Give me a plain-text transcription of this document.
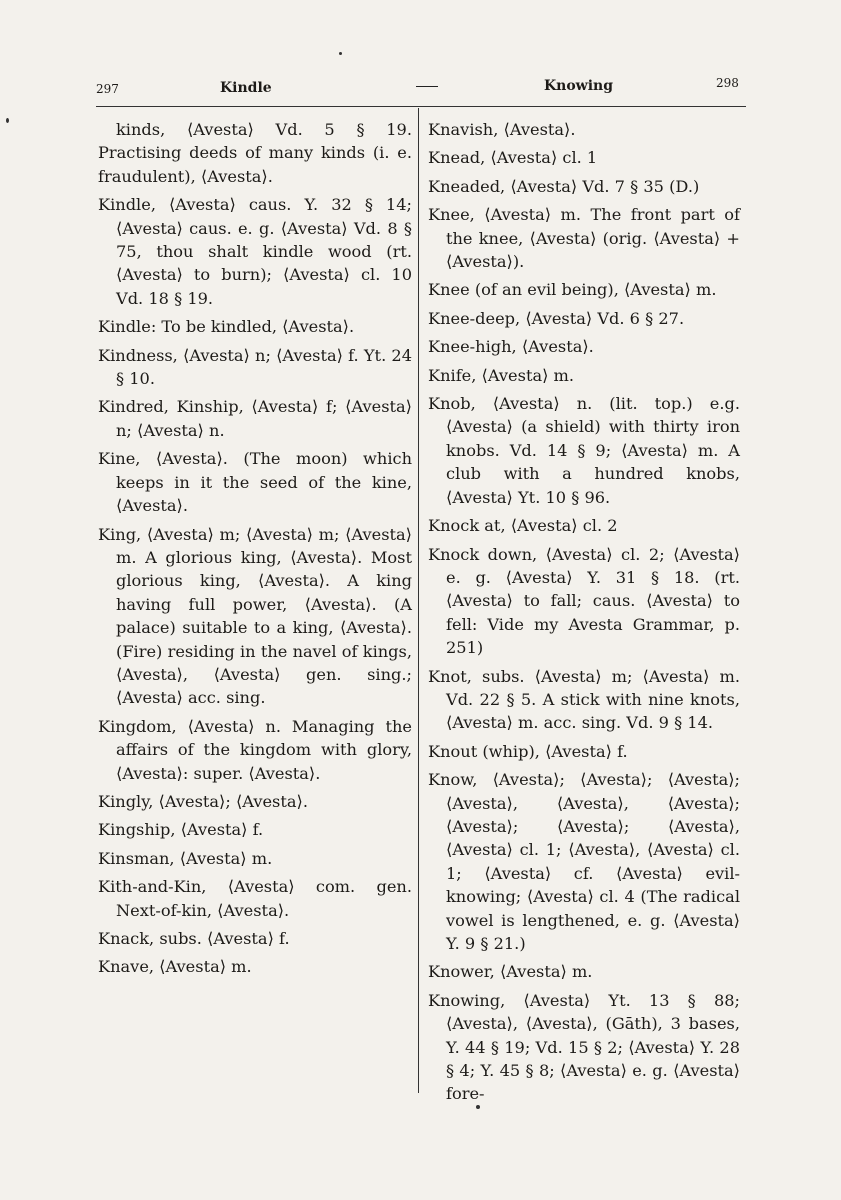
297	Kindle	Knowing	298
kinds, ⟨Avesta⟩ Vd. 5 § 19. Practising deeds of many kinds (i. e. fraudulent), ⟨Avesta⟩.
Kindle, ⟨Avesta⟩ caus. Y. 32 § 14; ⟨Avesta⟩ caus. e. g. ⟨Avesta⟩ Vd. 8 § 75, thou shalt kindle wood (rt. ⟨Avesta⟩ to burn); ⟨Avesta⟩ cl. 10 Vd. 18 § 19.
Kindle: To be kindled, ⟨Avesta⟩.
Kindness, ⟨Avesta⟩ n; ⟨Avesta⟩ f. Yt. 24 § 10.
Kindred, Kinship, ⟨Avesta⟩ f; ⟨Avesta⟩ n; ⟨Avesta⟩ n.
Kine, ⟨Avesta⟩. (The moon) which keeps in it the seed of the kine, ⟨Avesta⟩.
King, ⟨Avesta⟩ m; ⟨Avesta⟩ m; ⟨Avesta⟩ m. A glorious king, ⟨Avesta⟩. Most glorious king, ⟨Avesta⟩. A king having full power, ⟨Avesta⟩. (A palace) suitable to a king, ⟨Avesta⟩. (Fire) residing in the navel of kings, ⟨Avesta⟩, ⟨Avesta⟩ gen. sing.; ⟨Avesta⟩ acc. sing.
Kingdom, ⟨Avesta⟩ n. Managing the affairs of the kingdom with glory, ⟨Avesta⟩: super. ⟨Avesta⟩.
Kingly, ⟨Avesta⟩; ⟨Avesta⟩.
Kingship, ⟨Avesta⟩ f.
Kinsman, ⟨Avesta⟩ m.
Kith-and-Kin, ⟨Avesta⟩ com. gen. Next-of-kin, ⟨Avesta⟩.
Knack, subs. ⟨Avesta⟩ f.
Knave, ⟨Avesta⟩ m.
Knavish, ⟨Avesta⟩.
Knead, ⟨Avesta⟩ cl. 1
Kneaded, ⟨Avesta⟩ Vd. 7 § 35 (D.)
Knee, ⟨Avesta⟩ m. The front part of the knee, ⟨Avesta⟩ (orig. ⟨Avesta⟩ + ⟨Avesta⟩).
Knee (of an evil being), ⟨Avesta⟩ m.
Knee-deep, ⟨Avesta⟩ Vd. 6 § 27.
Knee-high, ⟨Avesta⟩.
Knife, ⟨Avesta⟩ m.
Knob, ⟨Avesta⟩ n. (lit. top.) e.g. ⟨Avesta⟩ (a shield) with thirty iron knobs. Vd. 14 § 9; ⟨Avesta⟩ m. A club with a hundred knobs, ⟨Avesta⟩ Yt. 10 § 96.
Knock at, ⟨Avesta⟩ cl. 2
Knock down, ⟨Avesta⟩ cl. 2; ⟨Avesta⟩ e. g. ⟨Avesta⟩ Y. 31 § 18. (rt. ⟨Avesta⟩ to fall; caus. ⟨Avesta⟩ to fell: Vide my Avesta Grammar, p. 251)
Knot, subs. ⟨Avesta⟩ m; ⟨Avesta⟩ m. Vd. 22 § 5. A stick with nine knots, ⟨Avesta⟩ m. acc. sing. Vd. 9 § 14.
Knout (whip), ⟨Avesta⟩ f.
Know, ⟨Avesta⟩; ⟨Avesta⟩; ⟨Avesta⟩; ⟨Avesta⟩, ⟨Avesta⟩, ⟨Avesta⟩; ⟨Avesta⟩; ⟨Avesta⟩; ⟨Avesta⟩, ⟨Avesta⟩ cl. 1; ⟨Avesta⟩, ⟨Avesta⟩ cl. 1; ⟨Avesta⟩ cf. ⟨Avesta⟩ evil-knowing; ⟨Avesta⟩ cl. 4 (The radical vowel is lengthened, e. g. ⟨Avesta⟩ Y. 9 § 21.)
Knower, ⟨Avesta⟩ m.
Knowing, ⟨Avesta⟩ Yt. 13 § 88; ⟨Avesta⟩, ⟨Avesta⟩, (Gāth), 3 bases, Y. 44 § 19; Vd. 15 § 2; ⟨Avesta⟩ Y. 28 § 4; Y. 45 § 8; ⟨Avesta⟩ e. g. ⟨Avesta⟩ fore-
